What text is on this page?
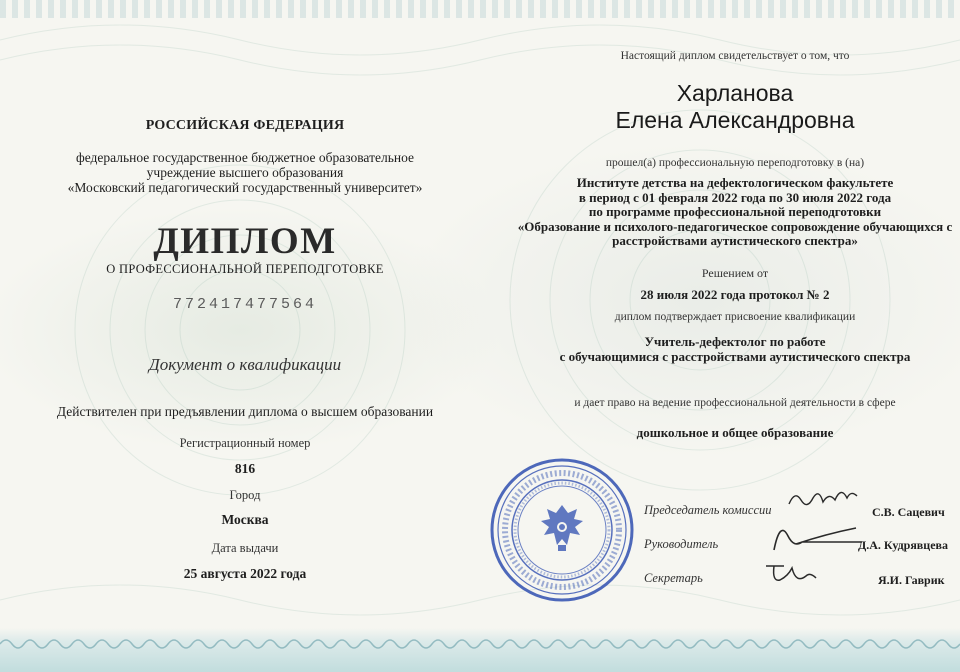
РОССИЙСКАЯ ФЕДЕРАЦИЯ
федеральное государственное бюджетное образовательное
учреждение высшего образования
«Московский педагогический государственный университет»
ДИПЛОМ
О ПРОФЕССИОНАЛЬНОЙ ПЕРЕПОДГОТОВКЕ
772417477564
Документ о квалификации
Действителен при предъявлении диплома о высшем образовании
Регистрационный номер
816
Город
Москва
Дата выдачи
25 августа 2022 года
Настоящий диплом свидетельствует о том, что
Харланова
Елена Александровна
прошел(а) профессиональную переподготовку в (на)
Институте детства на дефектологическом факультете
в период с 01 февраля 2022 года по 30 июля 2022 года
по программе профессиональной переподготовки
«Образование и психолого-педагогическое сопровождение обучающихся с
расстройствами аутистического спектра»
Решением от
28 июля 2022 года протокол № 2
диплом подтверждает присвоение квалификации
Учитель-дефектолог по работе
с обучающимися с расстройствами аутистического спектра
и дает право на ведение профессиональной деятельности в сфере
дошкольное и общее образование
Председатель комиссии	С.В. Сацевич
Руководитель	Д.А. Кудрявцева
Секретарь	Я.И. Гаврик
